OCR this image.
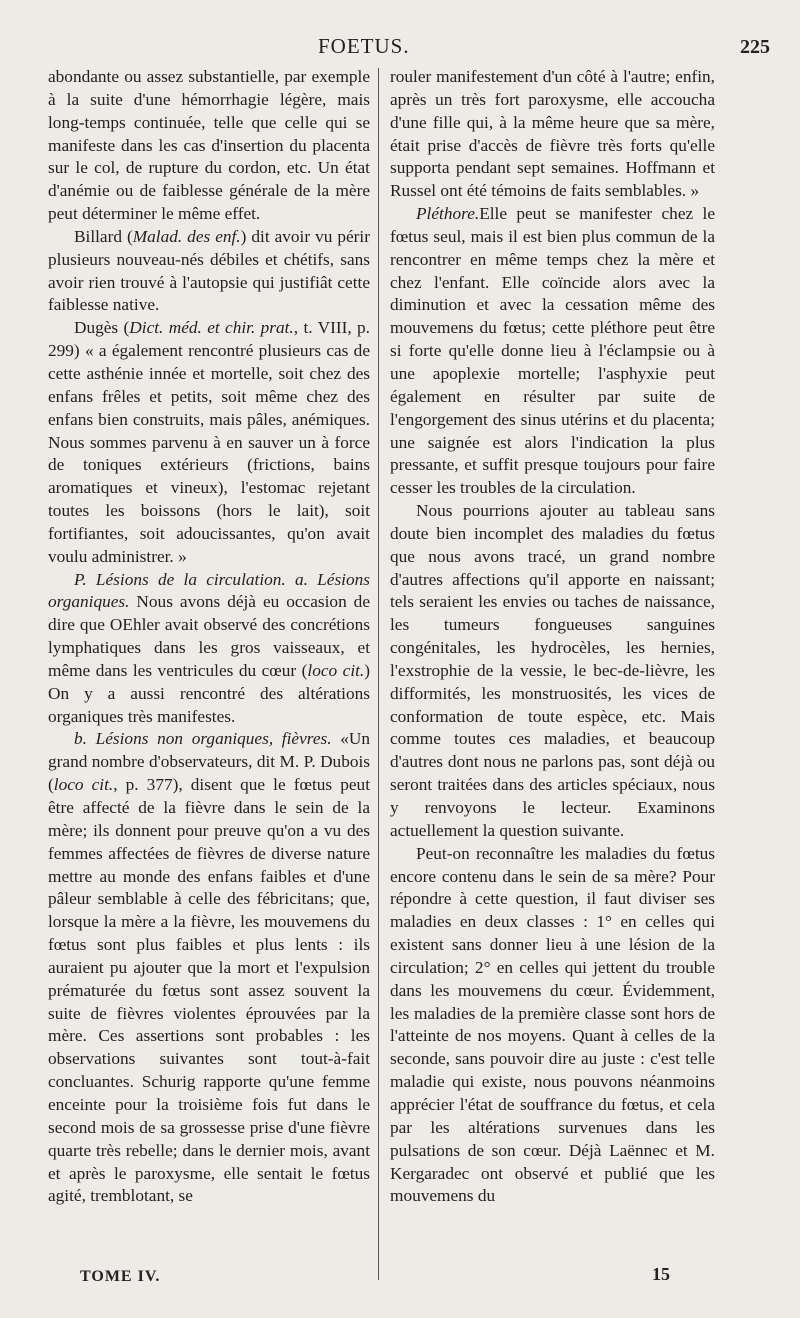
FOETUS.	225

abondante ou assez substantielle, par exemple à la suite d'une hémorrhagie légère, mais long-temps continuée, telle que celle qui se manifeste dans les cas d'insertion du placenta sur le col, de rupture du cordon, etc. Un état d'anémie ou de faiblesse générale de la mère peut déterminer le même effet.

Billard (Malad. des enf.) dit avoir vu périr plusieurs nouveau-nés débiles et chétifs, sans avoir rien trouvé à l'autopsie qui justifiât cette faiblesse native.

Dugès (Dict. méd. et chir. prat., t. VIII, p. 299) « a également rencontré plusieurs cas de cette asthénie innée et mortelle, soit chez des enfans frêles et petits, soit même chez des enfans bien construits, mais pâles, anémiques. Nous sommes parvenu à en sauver un à force de toniques extérieurs (frictions, bains aromatiques et vineux), l'estomac rejetant toutes les boissons (hors le lait), soit fortifiantes, soit adoucissantes, qu'on avait voulu administrer. »

P. Lésions de la circulation. a. Lésions organiques. Nous avons déjà eu occasion de dire que OEhler avait observé des concrétions lymphatiques dans les gros vaisseaux, et même dans les ventricules du cœur (loco cit.) On y a aussi rencontré des altérations organiques très manifestes.

b. Lésions non organiques, fièvres. «Un grand nombre d'observateurs, dit M. P. Dubois (loco cit., p. 377), disent que le fœtus peut être affecté de la fièvre dans le sein de la mère; ils donnent pour preuve qu'on a vu des femmes affectées de fièvres de diverse nature mettre au monde des enfans faibles et d'une pâleur semblable à celle des fébricitans; que, lorsque la mère a la fièvre, les mouvemens du fœtus sont plus faibles et plus lents : ils auraient pu ajouter que la mort et l'expulsion prématurée du fœtus sont assez souvent la suite de fièvres violentes éprouvées par la mère. Ces assertions sont probables : les observations suivantes sont tout-à-fait concluantes. Schurig rapporte qu'une femme enceinte pour la troisième fois fut dans le second mois de sa grossesse prise d'une fièvre quarte très rebelle; dans le dernier mois, avant et après le paroxysme, elle sentait le fœtus agité, tremblotant, se

rouler manifestement d'un côté à l'autre; enfin, après un très fort paroxysme, elle accoucha d'une fille qui, à la même heure que sa mère, était prise d'accès de fièvre très forts qu'elle supporta pendant sept semaines. Hoffmann et Russel ont été témoins de faits semblables. »

Pléthore.Elle peut se manifester chez le fœtus seul, mais il est bien plus commun de la rencontrer en même temps chez la mère et chez l'enfant. Elle coïncide alors avec la diminution et avec la cessation même des mouvemens du fœtus; cette pléthore peut être si forte qu'elle donne lieu à l'éclampsie ou à une apoplexie mortelle; l'asphyxie peut également en résulter par suite de l'engorgement des sinus utérins et du placenta; une saignée est alors l'indication la plus pressante, et suffit presque toujours pour faire cesser les troubles de la circulation.

Nous pourrions ajouter au tableau sans doute bien incomplet des maladies du fœtus que nous avons tracé, un grand nombre d'autres affections qu'il apporte en naissant; tels seraient les envies ou taches de naissance, les tumeurs fongueuses sanguines congénitales, les hydrocèles, les hernies, l'exstrophie de la vessie, le bec-de-lièvre, les difformités, les monstruosités, les vices de conformation de toute espèce, etc. Mais comme toutes ces maladies, et beaucoup d'autres dont nous ne parlons pas, sont déjà ou seront traitées dans des articles spéciaux, nous y renvoyons le lecteur. Examinons actuellement la question suivante.

Peut-on reconnaître les maladies du fœtus encore contenu dans le sein de sa mère? Pour répondre à cette question, il faut diviser ses maladies en deux classes : 1° en celles qui existent sans donner lieu à une lésion de la circulation; 2° en celles qui jettent du trouble dans les mouvemens du cœur. Évidemment, les maladies de la première classe sont hors de l'atteinte de nos moyens. Quant à celles de la seconde, sans pouvoir dire au juste : c'est telle maladie qui existe, nous pouvons néanmoins apprécier l'état de souffrance du fœtus, et cela par les altérations survenues dans les pulsations de son cœur. Déjà Laënnec et M. Kergaradec ont observé et publié que les mouvemens du

TOME IV.	15
